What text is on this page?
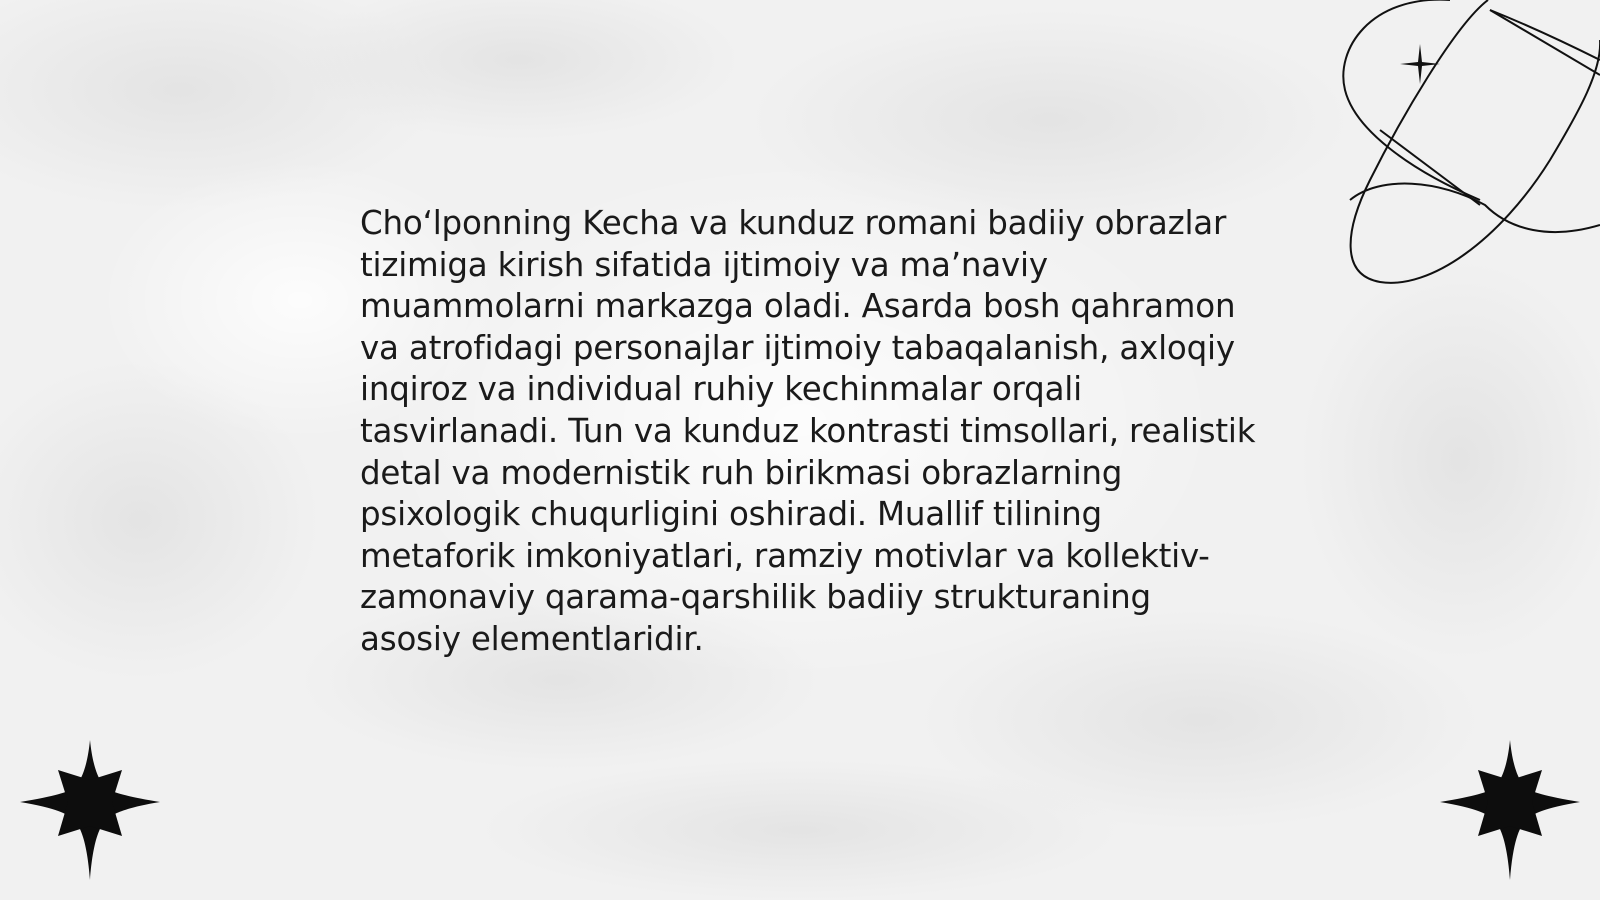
Cho‘lponning Kecha va kunduz romani badiiy obrazlar tizimiga kirish sifatida ijtimoiy va ma’naviy muammolarni markazga oladi. Asarda bosh qahramon va atrofidagi personajlar ijtimoiy tabaqalanish, axloqiy inqiroz va individual ruhiy kechinmalar orqali tasvirlanadi. Tun va kunduz kontrasti timsollari, realistik detal va modernistik ruh birikmasi obrazlarning psixologik chuqurligini oshiradi. Muallif tilining metaforik imkoniyatlari, ramziy motivlar va kollektiv-zamonaviy qarama-qarshilik badiiy strukturaning asosiy elementlaridir.
